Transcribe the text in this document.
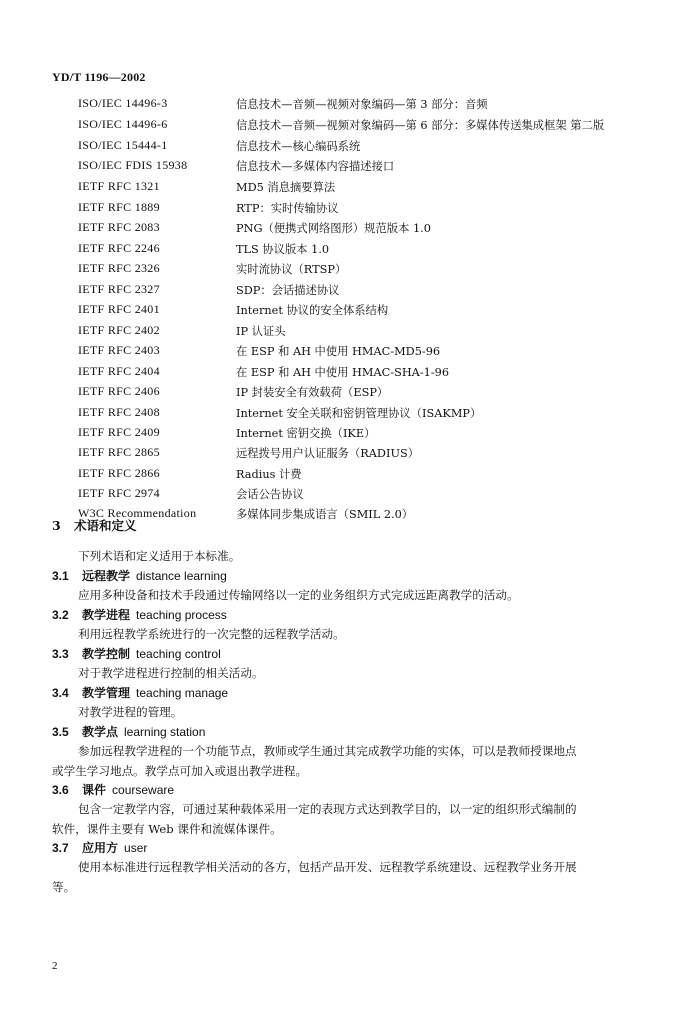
YD/T 1196—2002
ISO/IEC 14496-3	信息技术—音频—视频对象编码—第 3 部分：音频
ISO/IEC 14496-6	信息技术—音频—视频对象编码—第 6 部分：多媒体传送集成框架 第二版
ISO/IEC 15444-1	信息技术—核心编码系统
ISO/IEC FDIS 15938	信息技术—多媒体内容描述接口
IETF RFC 1321	MD5 消息摘要算法
IETF RFC 1889	RTP：实时传输协议
IETF RFC 2083	PNG（便携式网络图形）规范版本 1.0
IETF RFC 2246	TLS 协议版本 1.0
IETF RFC 2326	实时流协议（RTSP）
IETF RFC 2327	SDP：会话描述协议
IETF RFC 2401	Internet 协议的安全体系结构
IETF RFC 2402	IP 认证头
IETF RFC 2403	在 ESP 和 AH 中使用 HMAC-MD5-96
IETF RFC 2404	在 ESP 和 AH 中使用 HMAC-SHA-1-96
IETF RFC 2406	IP 封装安全有效载荷（ESP）
IETF RFC 2408	Internet 安全关联和密钥管理协议（ISAKMP）
IETF RFC 2409	Internet 密钥交换（IKE）
IETF RFC 2865	远程拨号用户认证服务（RADIUS）
IETF RFC 2866	Radius 计费
IETF RFC 2974	会话公告协议
W3C Recommendation	多媒体同步集成语言（SMIL 2.0）
3 术语和定义
下列术语和定义适用于本标准。
3.1 远程教学 distance learning
应用多种设备和技术手段通过传输网络以一定的业务组织方式完成远距离教学的活动。
3.2 教学进程 teaching process
利用远程教学系统进行的一次完整的远程教学活动。
3.3 教学控制 teaching control
对于教学进程进行控制的相关活动。
3.4 教学管理 teaching manage
对教学进程的管理。
3.5 教学点 learning station
参加远程教学进程的一个功能节点，教师或学生通过其完成教学功能的实体，可以是教师授课地点
或学生学习地点。教学点可加入或退出教学进程。
3.6 课件 courseware
包含一定教学内容，可通过某种载体采用一定的表现方式达到教学目的，以一定的组织形式编制的
软件，课件主要有 Web 课件和流媒体课件。
3.7 应用方 user
使用本标准进行远程教学相关活动的各方，包括产品开发、远程教学系统建设、远程教学业务开展
等。
2
